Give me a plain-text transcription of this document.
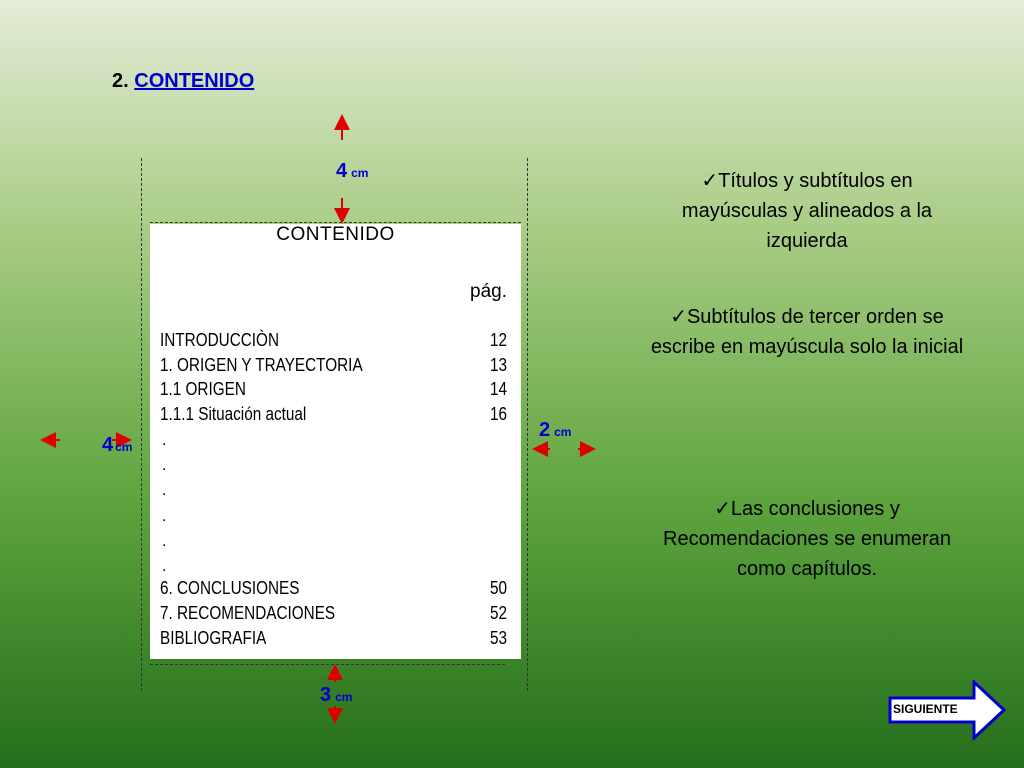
2. CONTENIDO
CONTENIDO
pág.
INTRODUCCIÒN	12
1. ORIGEN Y TRAYECTORIA	13
1.1 ORIGEN	14
1.1.1 Situación actual	16
.
.
.
.
.
.
6. CONCLUSIONES	50
7. RECOMENDACIONES	52
BIBLIOGRAFIA	53
4 cm
4 cm
2 cm
3 cm
✓Títulos y subtítulos en mayúsculas y alineados a la izquierda
✓Subtítulos de tercer orden se escribe en mayúscula solo la inicial
✓Las conclusiones y Recomendaciones se enumeran como capítulos.
SIGUIENTE
